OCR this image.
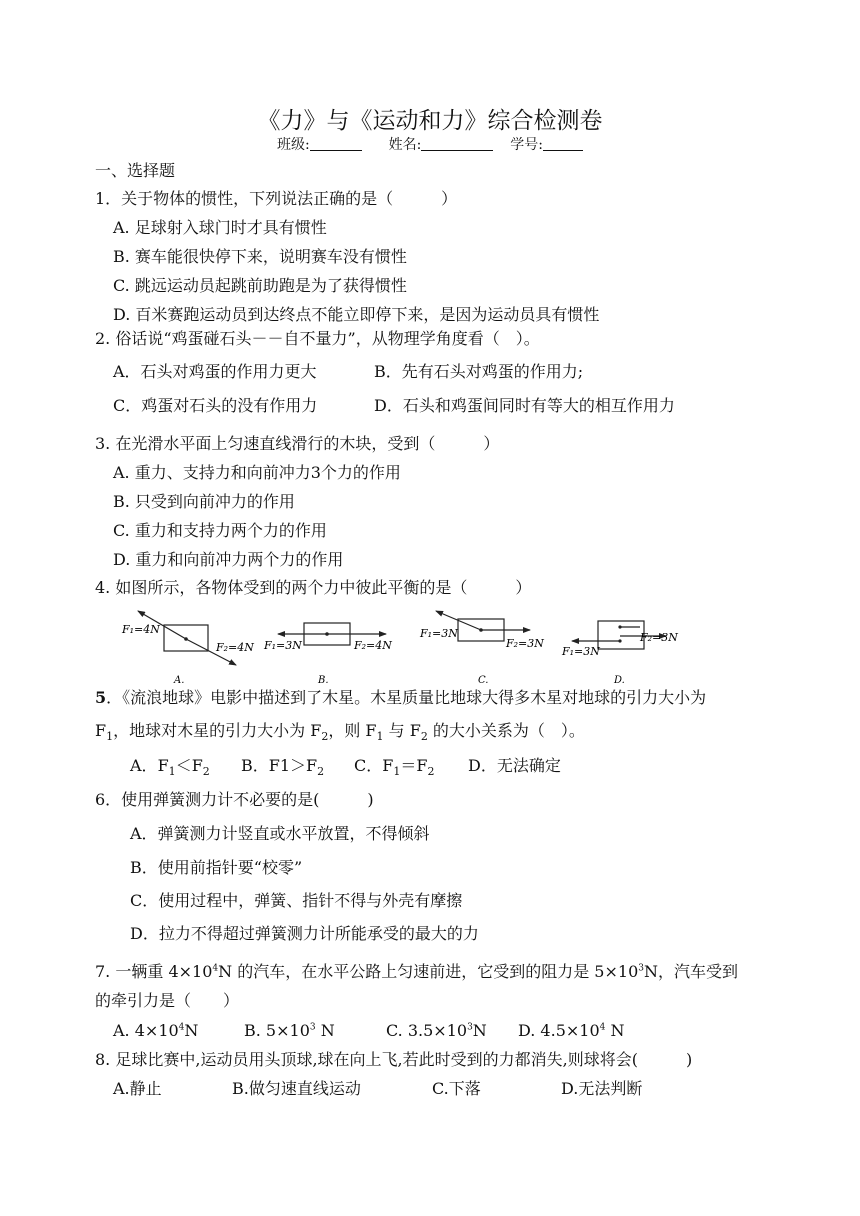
《力》与《运动和力》综合检测卷
班级:	姓名:	学号:
一、选择题
1．关于物体的惯性，下列说法正确的是（　　　）
A. 足球射入球门时才具有惯性
B. 赛车能很快停下来，说明赛车没有惯性
C. 跳远运动员起跳前助跑是为了获得惯性
D. 百米赛跑运动员到达终点不能立即停下来，是因为运动员具有惯性
2. 俗话说“鸡蛋碰石头－－自不量力”，从物理学角度看（　）。
A．石头对鸡蛋的作用力更大	B．先有石头对鸡蛋的作用力;
C．鸡蛋对石头的没有作用力	D．石头和鸡蛋间同时有等大的相互作用力
3. 在光滑水平面上匀速直线滑行的木块，受到（　　　）
A. 重力、支持力和向前冲力3个力的作用
B. 只受到向前冲力的作用
C. 重力和支持力两个力的作用
D. 重力和向前冲力两个力的作用
4. 如图所示，各物体受到的两个力中彼此平衡的是（　　　）
F₁=4N
F₂=4N
A.
F₁=3N	F₂=4N
B.
F₁=3N
F₂=3N
C.
F₂=3N
F₁=3N
D.
5．《流浪地球》电影中描述到了木星。木星质量比地球大得多木星对地球的引力大小为
$F_1$，地球对木星的引力大小为 $F_2$，则 $F_1$ 与 $F_2$ 的大小关系为（　）。
A．$F_1<F_2$ B．$F1>F_2$ C．$F_1=F_2$ D．无法确定
6．使用弹簧测力计不必要的是(　　　)
A．弹簧测力计竖直或水平放置，不得倾斜
B．使用前指针要“校零”
C．使用过程中，弹簧、指针不得与外壳有摩擦
D．拉力不得超过弹簧测力计所能承受的最大的力
7. 一辆重 $4\times 10^4N$ 的汽车，在水平公路上匀速前进，它受到的阻力是 $5\times 10^3N$，汽车受到
的牵引力是（　　）
A. $4\times 10^4N$	B. $5\times 10^3$ N	C. $3.5\times 10^3N$ D. $4.5\times 10^4$ N
8. 足球比赛中,运动员用头顶球,球在向上飞,若此时受到的力都消失,则球将会(　　　)
A.静止	B.做匀速直线运动	C.下落	D.无法判断
